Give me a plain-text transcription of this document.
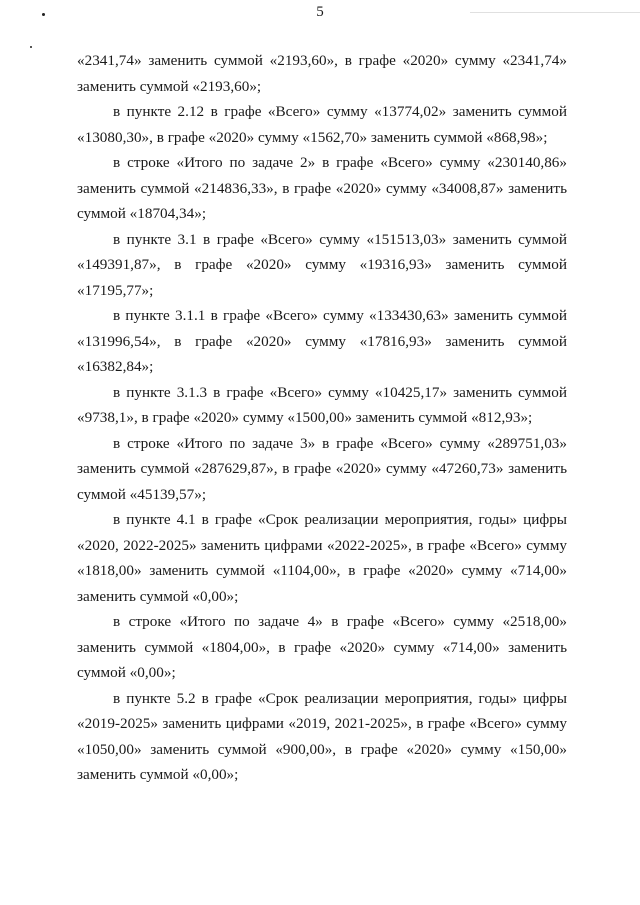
5

«2341,74» заменить суммой «2193,60», в графе «2020» сумму «2341,74» заменить суммой «2193,60»;

в пункте 2.12 в графе «Всего» сумму «13774,02» заменить суммой «13080,30», в графе «2020» сумму «1562,70» заменить суммой «868,98»;

в строке «Итого по задаче 2» в графе «Всего» сумму «230140,86» заменить суммой «214836,33», в графе «2020» сумму «34008,87» заменить суммой «18704,34»;

в пункте 3.1 в графе «Всего» сумму «151513,03» заменить суммой «149391,87», в графе «2020» сумму «19316,93» заменить суммой «17195,77»;

в пункте 3.1.1 в графе «Всего» сумму «133430,63» заменить суммой «131996,54», в графе «2020» сумму «17816,93» заменить суммой «16382,84»;

в пункте 3.1.3 в графе «Всего» сумму «10425,17» заменить суммой «9738,1», в графе «2020» сумму «1500,00» заменить суммой «812,93»;

в строке «Итого по задаче 3» в графе «Всего» сумму «289751,03» заменить суммой «287629,87», в графе «2020» сумму «47260,73» заменить суммой «45139,57»;

в пункте 4.1 в графе «Срок реализации мероприятия, годы» цифры «2020, 2022-2025» заменить цифрами «2022-2025», в графе «Всего» сумму «1818,00» заменить суммой «1104,00», в графе «2020» сумму «714,00» заменить суммой «0,00»;

в строке «Итого по задаче 4» в графе «Всего» сумму «2518,00» заменить суммой «1804,00», в графе «2020» сумму «714,00» заменить суммой «0,00»;

в пункте 5.2 в графе «Срок реализации мероприятия, годы» цифры «2019-2025» заменить цифрами «2019, 2021-2025», в графе «Всего» сумму «1050,00» заменить суммой «900,00», в графе «2020» сумму «150,00» заменить суммой «0,00»;
